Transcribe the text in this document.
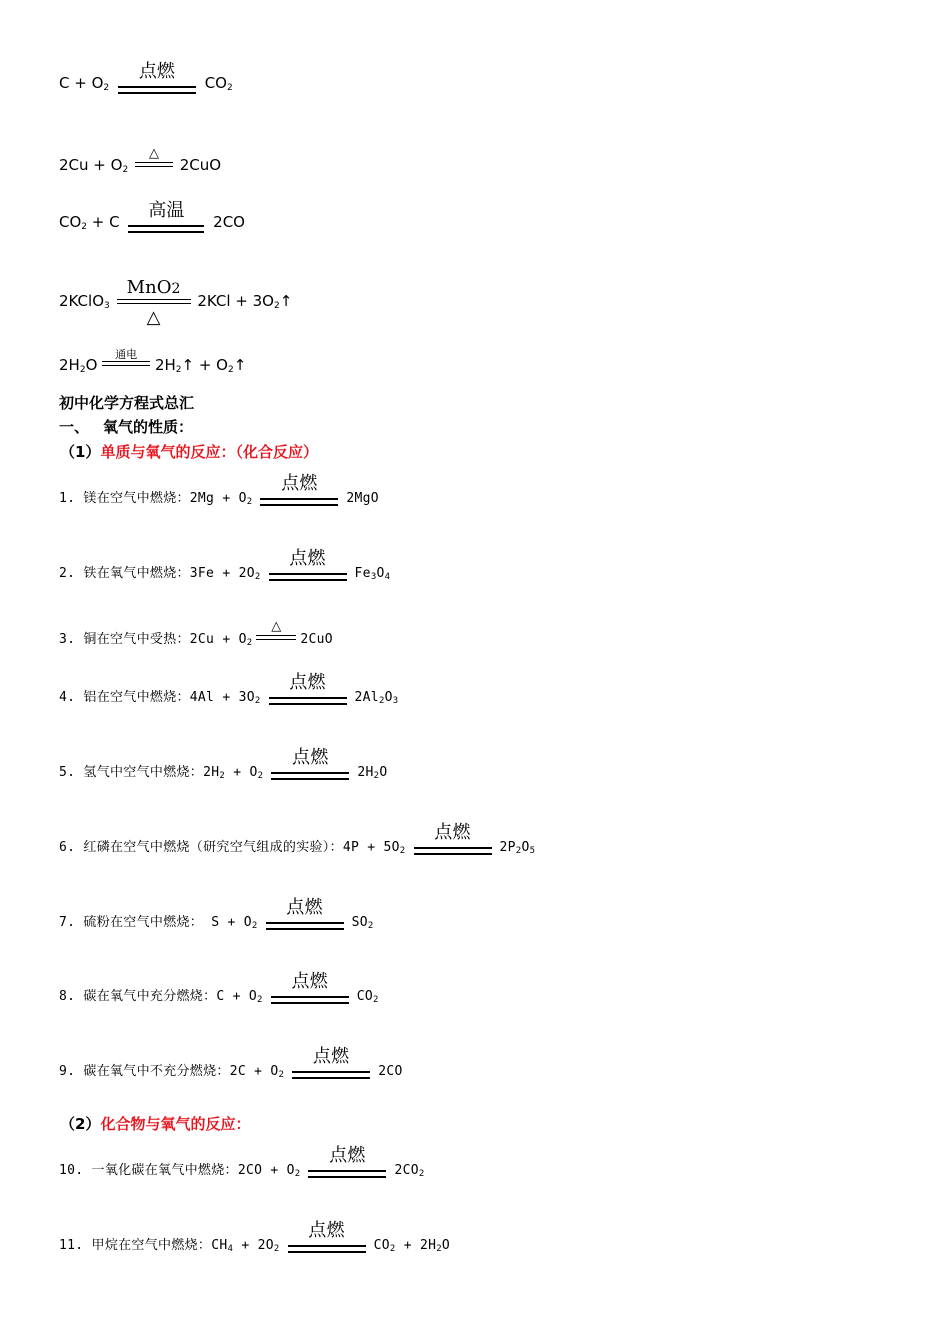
$C + O_2$
点燃
$CO_2$
$2Cu + O_2$
△
2CuO
$CO_2 + C$
高温
2CO
2KClO$_3$
MnO2
△
$2KCl + 3O_2↑$
$2H_2O$
通电
$2H_2↑$ + $O_2↑$
初中化学方程式总汇
一、 氧气的性质：
（1）单质与氧气的反应：（化合反应）
1. 镁在空气中燃烧：$2Mg + O_2$
点燃
2MgO
2. 铁在氧气中燃烧：$3Fe + 2O_2$
点燃
$Fe_3O_4$
3. 铜在空气中受热：$2Cu + O_2$
△
2CuO
4. 铝在空气中燃烧：$4Al + 3O_2$
点燃
$2Al_2O_3$
5. 氢气中空气中燃烧：$2H_2 + O_2$
点燃
$2H_2O$
6. 红磷在空气中燃烧（研究空气组成的实验）：$4P + 5O_2$
点燃
$2P_2O_5$
7. 硫粉在空气中燃烧： $S + O_2$
点燃
$SO_2$
8. 碳在氧气中充分燃烧：$C + O_2$
点燃
$CO_2$
9. 碳在氧气中不充分燃烧：$2C + O_2$
点燃
2CO
10. 一氧化碳在氧气中燃烧：$2CO + O_2$
点燃
$2CO_2$
11. 甲烷在空气中燃烧：$CH_4 + 2O_2$
点燃
$CO_2 + 2H_2O$
（2）化合物与氧气的反应：
